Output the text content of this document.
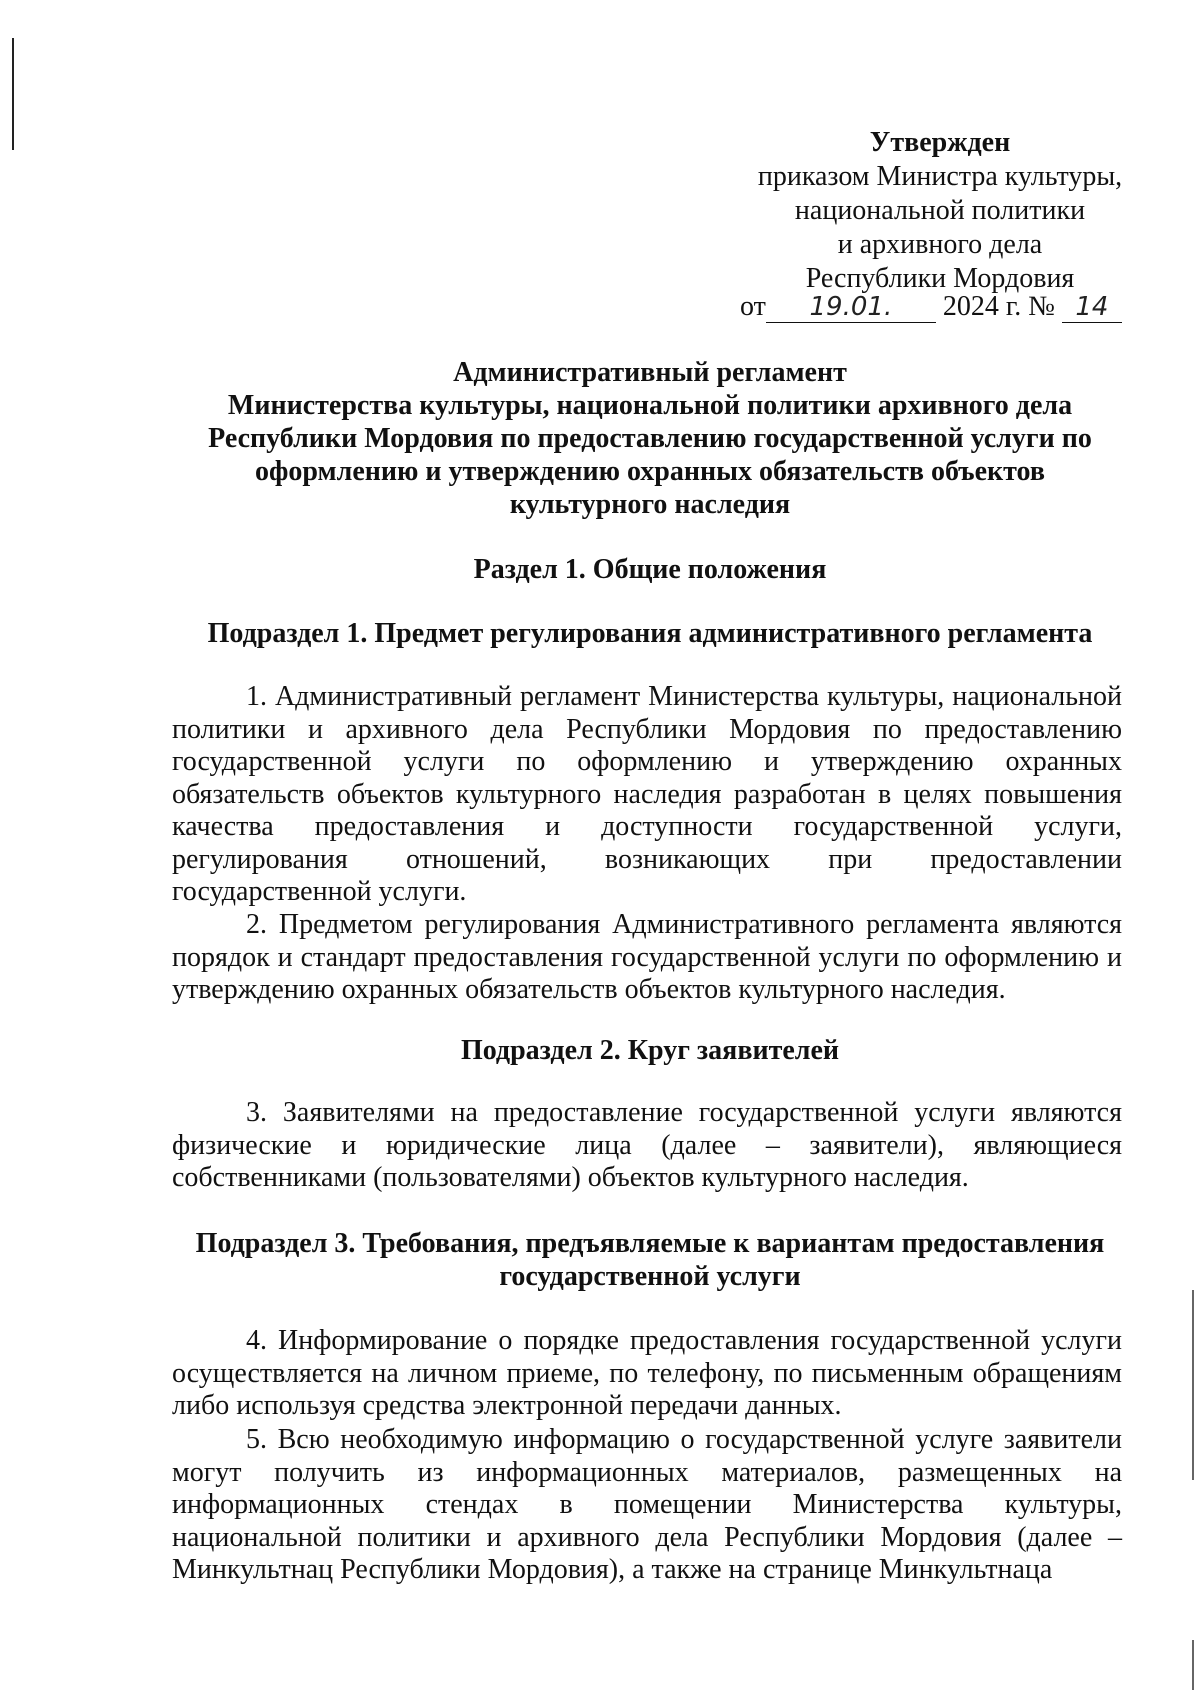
Утвержден
приказом Министра культуры,
национальной политики
и архивного дела
Республики Мордовия
от 19.01. 2024 г. № 14
Административный регламент
Министерства культуры, национальной политики архивного дела
Республики Мордовия по предоставлению государственной услуги по
оформлению и утверждению охранных обязательств объектов
культурного наследия
Раздел 1. Общие положения
Подраздел 1. Предмет регулирования административного регламента

1. Административный регламент Министерства культуры, национальной политики и архивного дела Республики Мордовия по предоставлению государственной услуги по оформлению и утверждению охранных обязательств объектов культурного наследия разработан в целях повышения качества предоставления и доступности государственной услуги, регулирования отношений, возникающих при предоставлении государственной услуги.

2. Предметом регулирования Административного регламента являются порядок и стандарт предоставления государственной услуги по оформлению и утверждению охранных обязательств объектов культурного наследия.

Подраздел 2. Круг заявителей

3. Заявителями на предоставление государственной услуги являются физические и юридические лица (далее – заявители), являющиеся собственниками (пользователями) объектов культурного наследия.

Подраздел 3. Требования, предъявляемые к вариантам предоставления
государственной услуги

4. Информирование о порядке предоставления государственной услуги осуществляется на личном приеме, по телефону, по письменным обращениям либо используя средства электронной передачи данных.

5. Всю необходимую информацию о государственной услуге заявители могут получить из информационных материалов, размещенных на информационных стендах в помещении Министерства культуры, национальной политики и архивного дела Республики Мордовия (далее – Минкультнац Республики Мордовия), а также на странице Минкультнаца
